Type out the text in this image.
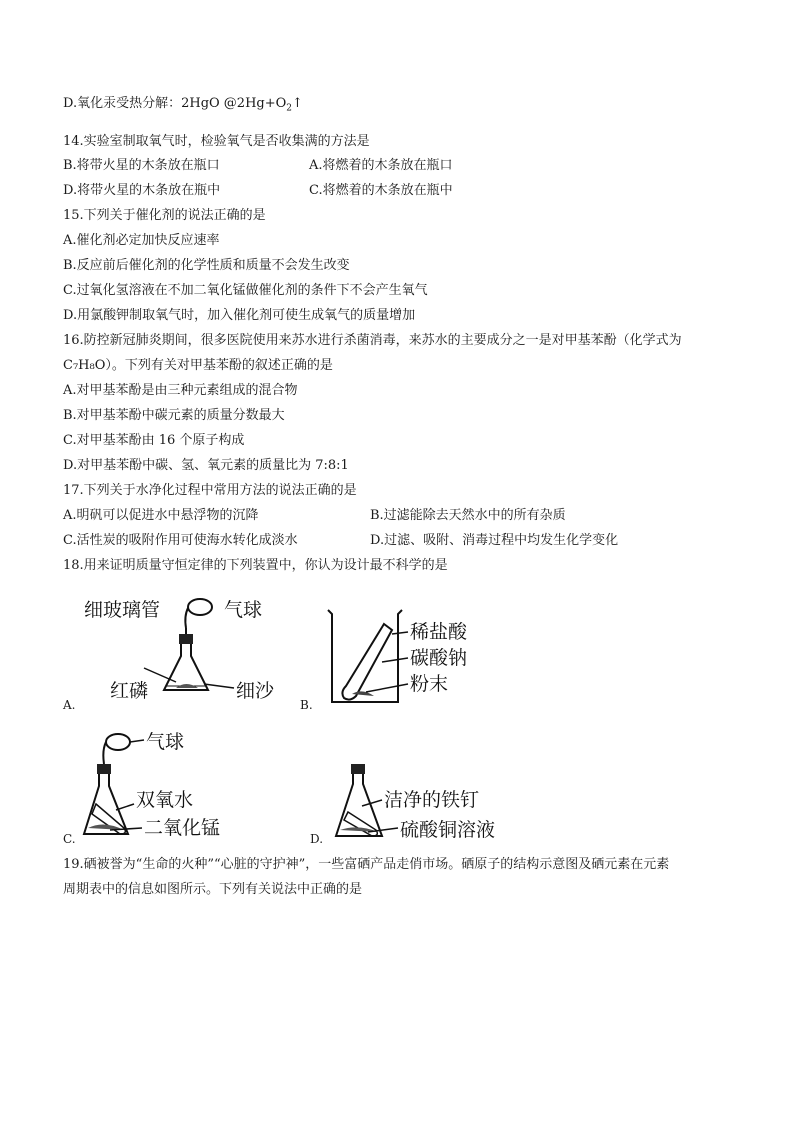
D.氧化汞受热分解：2HgO $@2Hg+O_2↑$
14.实验室制取氧气时，检验氧气是否收集满的方法是
B.将带火星的木条放在瓶口	A.将燃着的木条放在瓶口
D.将带火星的木条放在瓶中	C.将燃着的木条放在瓶中
15.下列关于催化剂的说法正确的是
A.催化剂必定加快反应速率
B.反应前后催化剂的化学性质和质量不会发生改变
C.过氧化氢溶液在不加二氧化锰做催化剂的条件下不会产生氧气
D.用氯酸钾制取氧气时，加入催化剂可使生成氧气的质量增加
16.防控新冠肺炎期间，很多医院使用来苏水进行杀菌消毒，来苏水的主要成分之一是对甲基苯酚（化学式为
C₇H₈O）。下列有关对甲基苯酚的叙述正确的是
A.对甲基苯酚是由三种元素组成的混合物
B.对甲基苯酚中碳元素的质量分数最大
C.对甲基苯酚由 16 个原子构成
D.对甲基苯酚中碳、氢、氧元素的质量比为 7:8:1
17.下列关于水净化过程中常用方法的说法正确的是
A.明矾可以促进水中悬浮物的沉降	B.过滤能除去天然水中的所有杂质
C.活性炭的吸附作用可使海水转化成淡水	D.过滤、吸附、消毒过程中均发生化学变化
18.用来证明质量守恒定律的下列装置中，你认为设计最不科学的是
A.
细玻璃管	气球
红磷	细沙
B.
稀盐酸
碳酸钠
粉末
C.
气球
双氧水
二氧化锰	D.
洁净的铁钉
硫酸铜溶液
19.硒被誉为“生命的火种”“心脏的守护神”，一些富硒产品走俏市场。硒原子的结构示意图及硒元素在元素
周期表中的信息如图所示。下列有关说法中正确的是
